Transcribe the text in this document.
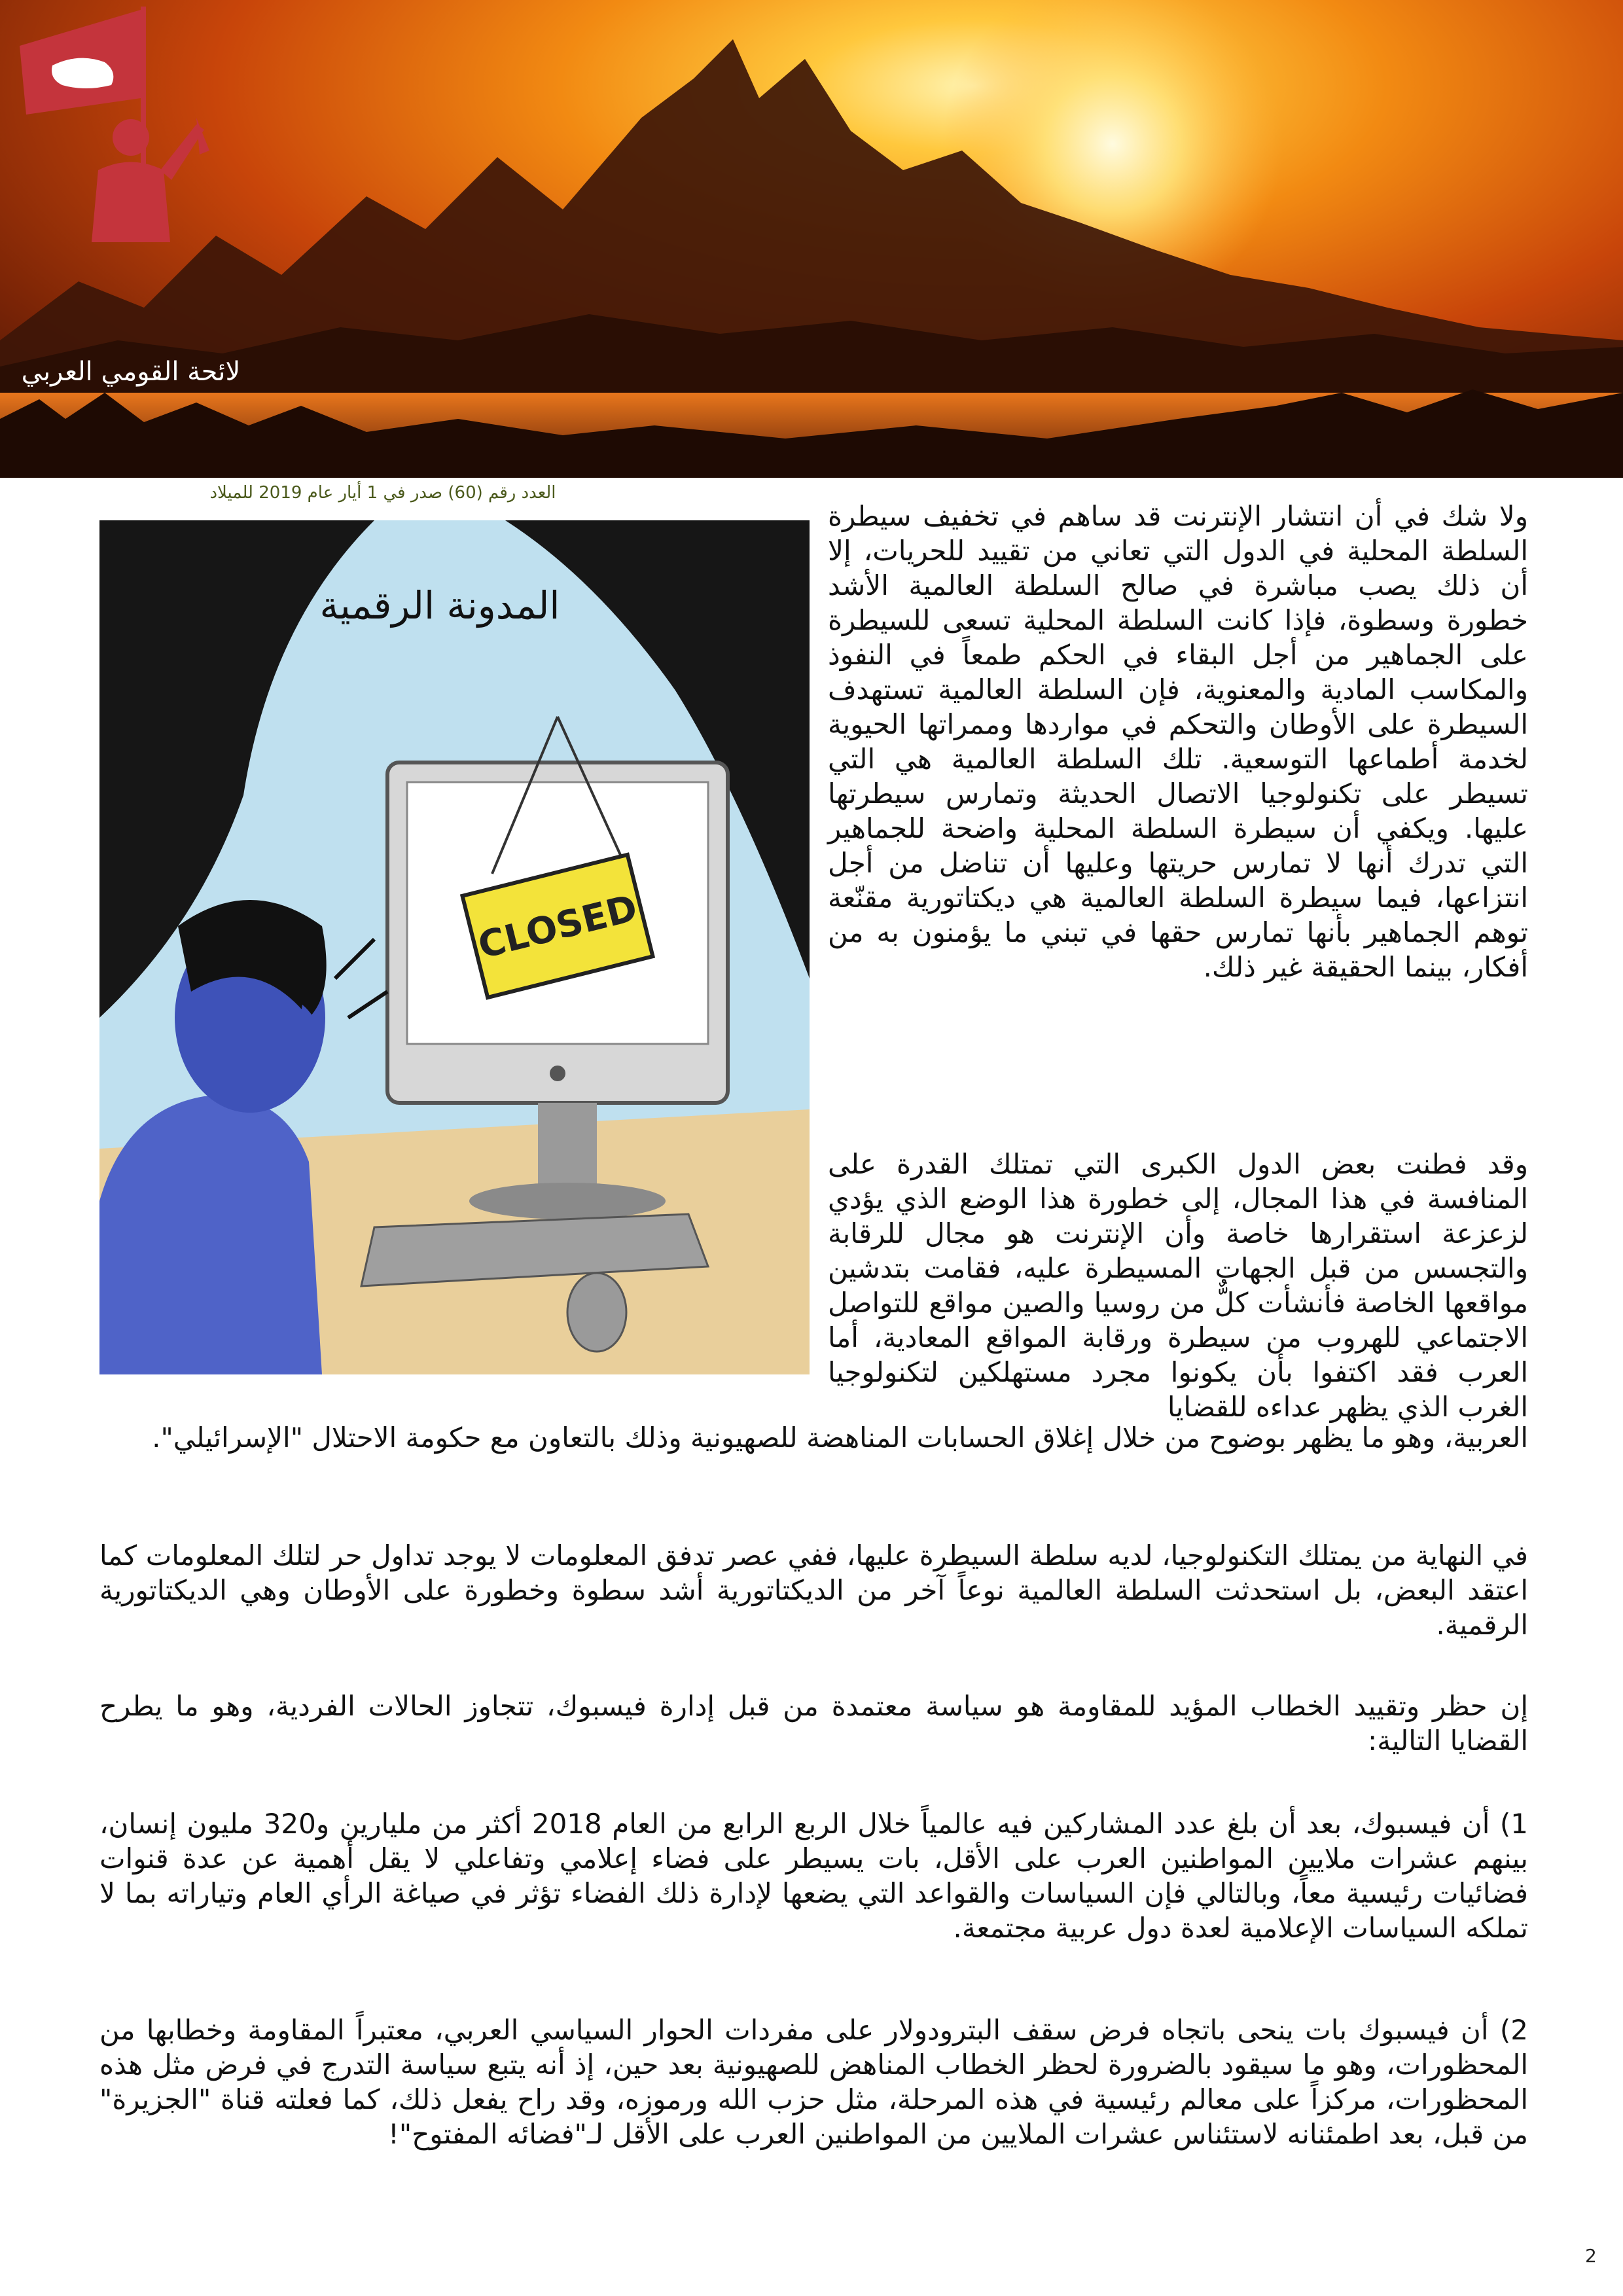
لائحة القومي العربي
العدد رقم (60) صدر في 1 أيار عام 2019 للميلاد
CLOSED
المدونة الرقمية
ولا شك في أن انتشار الإنترنت قد ساهم في تخفيف سيطرة السلطة المحلية في الدول التي تعاني من تقييد للحريات، إلا أن ذلك يصب مباشرة في صالح السلطة العالمية الأشد خطورة وسطوة، فإذا كانت السلطة المحلية تسعى للسيطرة على الجماهير من أجل البقاء في الحكم طمعاً في النفوذ والمكاسب المادية والمعنوية، فإن السلطة العالمية تستهدف السيطرة على الأوطان والتحكم في مواردها وممراتها الحيوية لخدمة أطماعها التوسعية. تلك السلطة العالمية هي التي تسيطر على تكنولوجيا الاتصال الحديثة وتمارس سيطرتها عليها. ويكفي أن سيطرة السلطة المحلية واضحة للجماهير التي تدرك أنها لا تمارس حريتها وعليها أن تناضل من أجل انتزاعها، فيما سيطرة السلطة العالمية هي ديكتاتورية مقنّعة توهم الجماهير بأنها تمارس حقها في تبني ما يؤمنون به من أفكار، بينما الحقيقة غير ذلك.
وقد فطنت بعض الدول الكبرى التي تمتلك القدرة على المنافسة في هذا المجال، إلى خطورة هذا الوضع الذي يؤدي لزعزعة استقرارها خاصة وأن الإنترنت هو مجال للرقابة والتجسس من قبل الجهات المسيطرة عليه، فقامت بتدشين مواقعها الخاصة فأنشأت كلٌّ من روسيا والصين مواقع للتواصل الاجتماعي للهروب من سيطرة ورقابة المواقع المعادية، أما العرب فقد اكتفوا بأن يكونوا مجرد مستهلكين لتكنولوجيا الغرب الذي يظهر عداءه للقضايا
العربية، وهو ما يظهر بوضوح من خلال إغلاق الحسابات المناهضة للصهيونية وذلك بالتعاون مع حكومة الاحتلال "الإسرائيلي".
في النهاية من يمتلك التكنولوجيا، لديه سلطة السيطرة عليها، ففي عصر تدفق المعلومات لا يوجد تداول حر لتلك المعلومات كما اعتقد البعض، بل استحدثت السلطة العالمية نوعاً آخر من الديكتاتورية أشد سطوة وخطورة على الأوطان وهي الديكتاتورية الرقمية.
إن حظر وتقييد الخطاب المؤيد للمقاومة هو سياسة معتمدة من قبل إدارة فيسبوك، تتجاوز الحالات الفردية، وهو ما يطرح القضايا التالية:
1) أن فيسبوك، بعد أن بلغ عدد المشاركين فيه عالمياً خلال الربع الرابع من العام 2018 أكثر من مليارين و320 مليون إنسان، بينهم عشرات ملايين المواطنين العرب على الأقل، بات يسيطر على فضاء إعلامي وتفاعلي لا يقل أهمية عن عدة قنوات فضائيات رئيسية معاً، وبالتالي فإن السياسات والقواعد التي يضعها لإدارة ذلك الفضاء تؤثر في صياغة الرأي العام وتياراته بما لا تملكه السياسات الإعلامية لعدة دول عربية مجتمعة.
2) أن فيسبوك بات ينحى باتجاه فرض سقف البترودولار على مفردات الحوار السياسي العربي، معتبراً المقاومة وخطابها من المحظورات، وهو ما سيقود بالضرورة لحظر الخطاب المناهض للصهيونية بعد حين، إذ أنه يتبع سياسة التدرج في فرض مثل هذه المحظورات، مركزاً على معالم رئيسية في هذه المرحلة، مثل حزب الله ورموزه، وقد راح يفعل ذلك، كما فعلته قناة "الجزيرة" من قبل، بعد اطمئنانه لاستئناس عشرات الملايين من المواطنين العرب على الأقل لـ"فضائه المفتوح"!
2
